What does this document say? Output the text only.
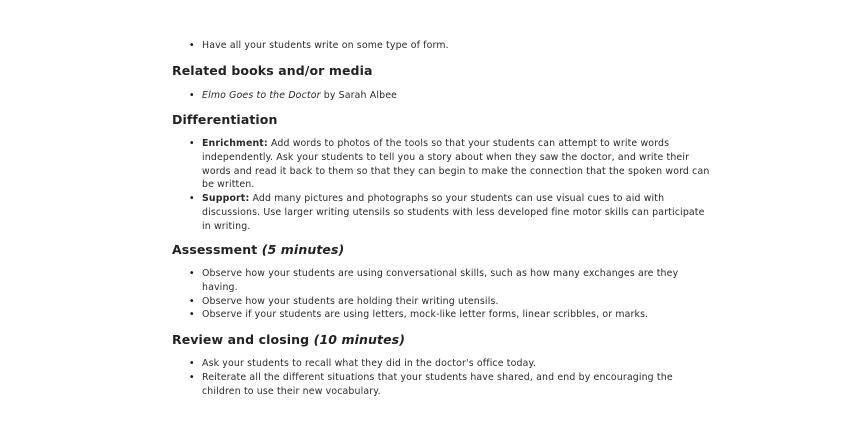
• Have all your students write on some type of form.
Related books and/or media
• Elmo Goes to the Doctor by Sarah Albee
Differentiation
• Enrichment: Add words to photos of the tools so that your students can attempt to write words independently. Ask your students to tell you a story about when they saw the doctor, and write their words and read it back to them so that they can begin to make the connection that the spoken word can be written.
• Support: Add many pictures and photographs so your students can use visual cues to aid with discussions. Use larger writing utensils so students with less developed fine motor skills can participate in writing.
Assessment (5 minutes)
• Observe how your students are using conversational skills, such as how many exchanges are they having.
• Observe how your students are holding their writing utensils.
• Observe if your students are using letters, mock-like letter forms, linear scribbles, or marks.
Review and closing (10 minutes)
• Ask your students to recall what they did in the doctor's office today.
• Reiterate all the different situations that your students have shared, and end by encouraging the children to use their new vocabulary.
